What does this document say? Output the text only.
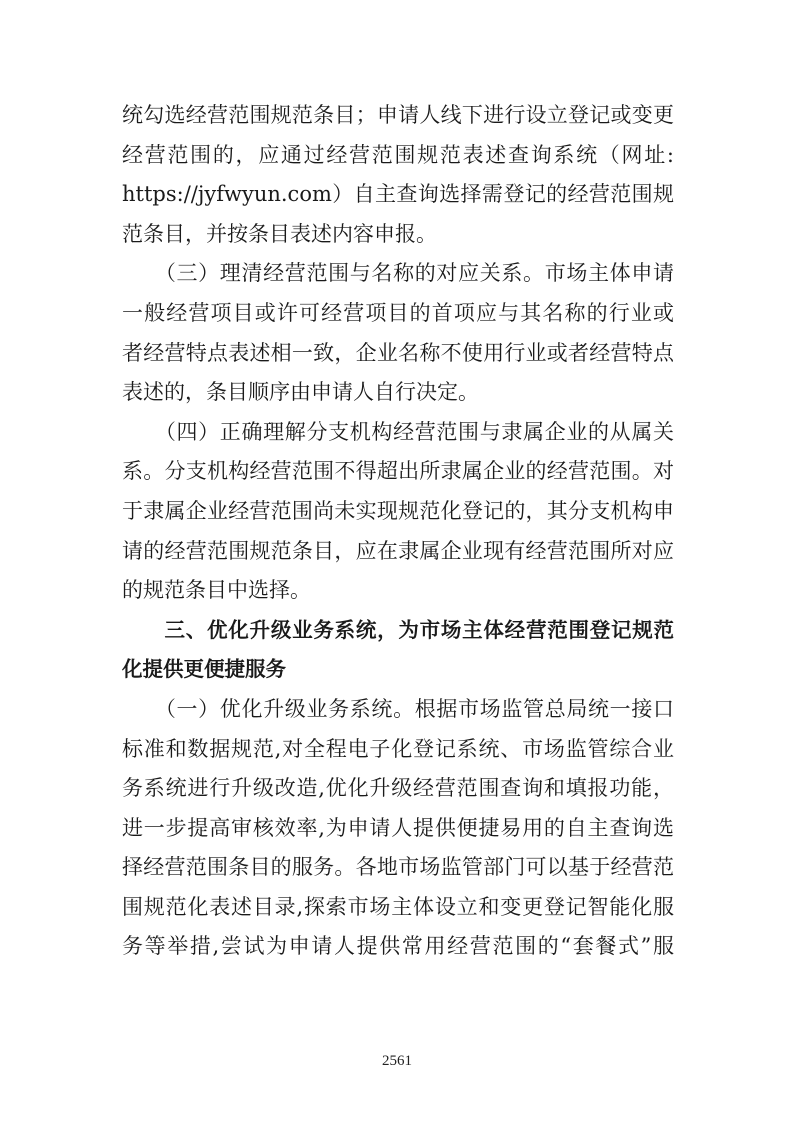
统勾选经营范围规范条目；申请人线下进行设立登记或变更
经营范围的，应通过经营范围规范表述查询系统（网址:
https://jyfwyun.com）自主查询选择需登记的经营范围规
范条目，并按条目表述内容申报。
　　（三）理清经营范围与名称的对应关系。市场主体申请
一般经营项目或许可经营项目的首项应与其名称的行业或
者经营特点表述相一致，企业名称不使用行业或者经营特点
表述的，条目顺序由申请人自行决定。
　　（四）正确理解分支机构经营范围与隶属企业的从属关
系。分支机构经营范围不得超出所隶属企业的经营范围。对
于隶属企业经营范围尚未实现规范化登记的，其分支机构申
请的经营范围规范条目，应在隶属企业现有经营范围所对应
的规范条目中选择。
　　三、优化升级业务系统，为市场主体经营范围登记规范
化提供更便捷服务
　　（一）优化升级业务系统。根据市场监管总局统一接口
标准和数据规范,对全程电子化登记系统、市场监管综合业
务系统进行升级改造,优化升级经营范围查询和填报功能，
进一步提高审核效率,为申请人提供便捷易用的自主查询选
择经营范围条目的服务。各地市场监管部门可以基于经营范
围规范化表述目录,探索市场主体设立和变更登记智能化服
务等举措,尝试为申请人提供常用经营范围的“套餐式”服
2561
